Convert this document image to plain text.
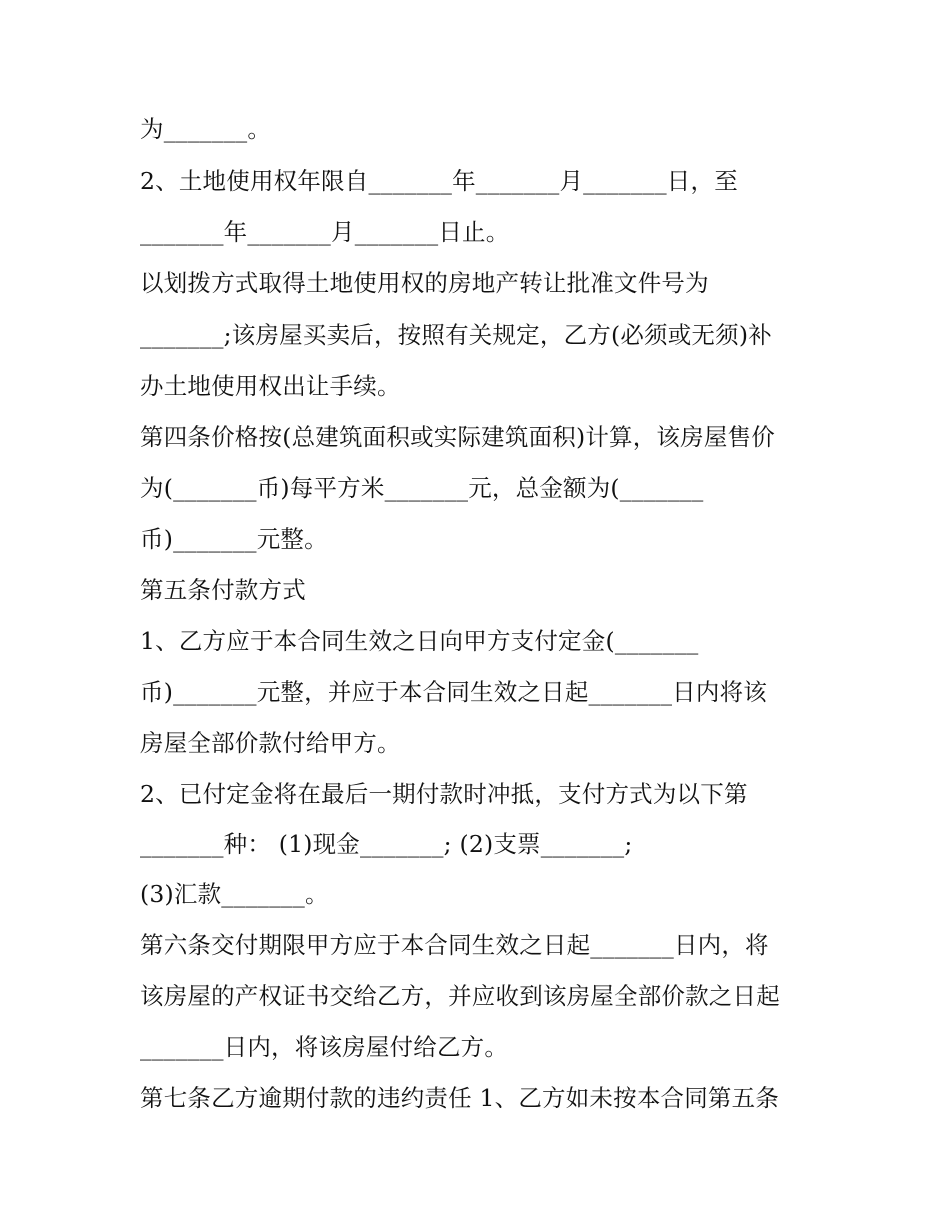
为_______。
2、土地使用权年限自_______年_______月_______日，至
_______年_______月_______日止。
以划拨方式取得土地使用权的房地产转让批准文件号为
_______;该房屋买卖后，按照有关规定，乙方(必须或无须)补
办土地使用权出让手续。
第四条价格按(总建筑面积或实际建筑面积)计算，该房屋售价
为(_______币)每平方米_______元，总金额为(_______
币)_______元整。
第五条付款方式
1、乙方应于本合同生效之日向甲方支付定金(_______
币)_______元整，并应于本合同生效之日起_______日内将该
房屋全部价款付给甲方。
2、已付定金将在最后一期付款时冲抵，支付方式为以下第
_______种： (1)现金_______; (2)支票_______;
(3)汇款_______。
第六条交付期限甲方应于本合同生效之日起_______日内，将
该房屋的产权证书交给乙方，并应收到该房屋全部价款之日起
_______日内，将该房屋付给乙方。
第七条乙方逾期付款的违约责任 1、乙方如未按本合同第五条
